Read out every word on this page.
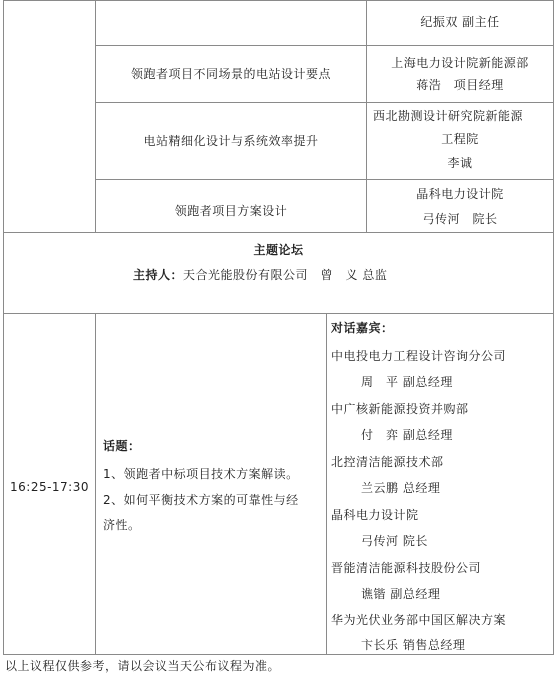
纪振双 副主任
领跑者项目不同场景的电站设计要点
上海电力设计院新能源部
蒋浩　项目经理
电站精细化设计与系统效率提升
西北勘测设计研究院新能源
工程院
李诚
领跑者项目方案设计
晶科电力设计院
弓传河　院长
主题论坛
主持人：天合光能股份有限公司　曾　义 总监
16:25-17:30
话题：
1、领跑者中标项目技术方案解读。
2、如何平衡技术方案的可靠性与经
济性。
对话嘉宾：
中电投电力工程设计咨询分公司
周　平 副总经理
中广核新能源投资并购部
付　弈 副总经理
北控清洁能源技术部
兰云鹏 总经理
晶科电力设计院
弓传河 院长
晋能清洁能源科技股份公司
谯锴 副总经理
华为光伏业务部中国区解决方案
卞长乐 销售总经理
以上议程仅供参考，请以会议当天公布议程为准。
